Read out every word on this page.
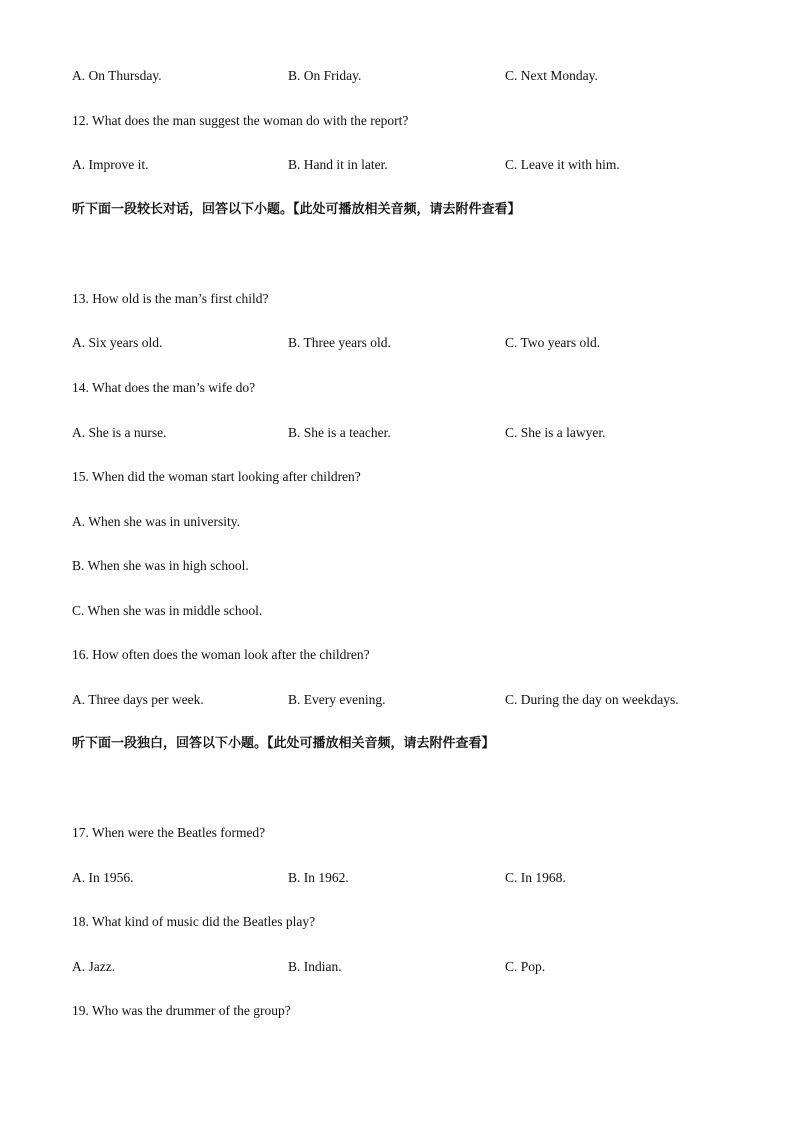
A. On Thursday.	B. On Friday.	C. Next Monday.
12. What does the man suggest the woman do with the report?
A. Improve it.	B. Hand it in later.	C. Leave it with him.
听下面一段较长对话，回答以下小题。【此处可播放相关音频，请去附件查看】
13. How old is the man’s first child?
A. Six years old.	B. Three years old.	C. Two years old.
14. What does the man’s wife do?
A. She is a nurse.	B. She is a teacher.	C. She is a lawyer.
15. When did the woman start looking after children?
A. When she was in university.
B. When she was in high school.
C. When she was in middle school.
16. How often does the woman look after the children?
A. Three days per week.	B. Every evening.	C. During the day on weekdays.
听下面一段独白，回答以下小题。【此处可播放相关音频，请去附件查看】
17. When were the Beatles formed?
A. In 1956.	B. In 1962.	C. In 1968.
18. What kind of music did the Beatles play?
A. Jazz.	B. Indian.	C. Pop.
19. Who was the drummer of the group?
